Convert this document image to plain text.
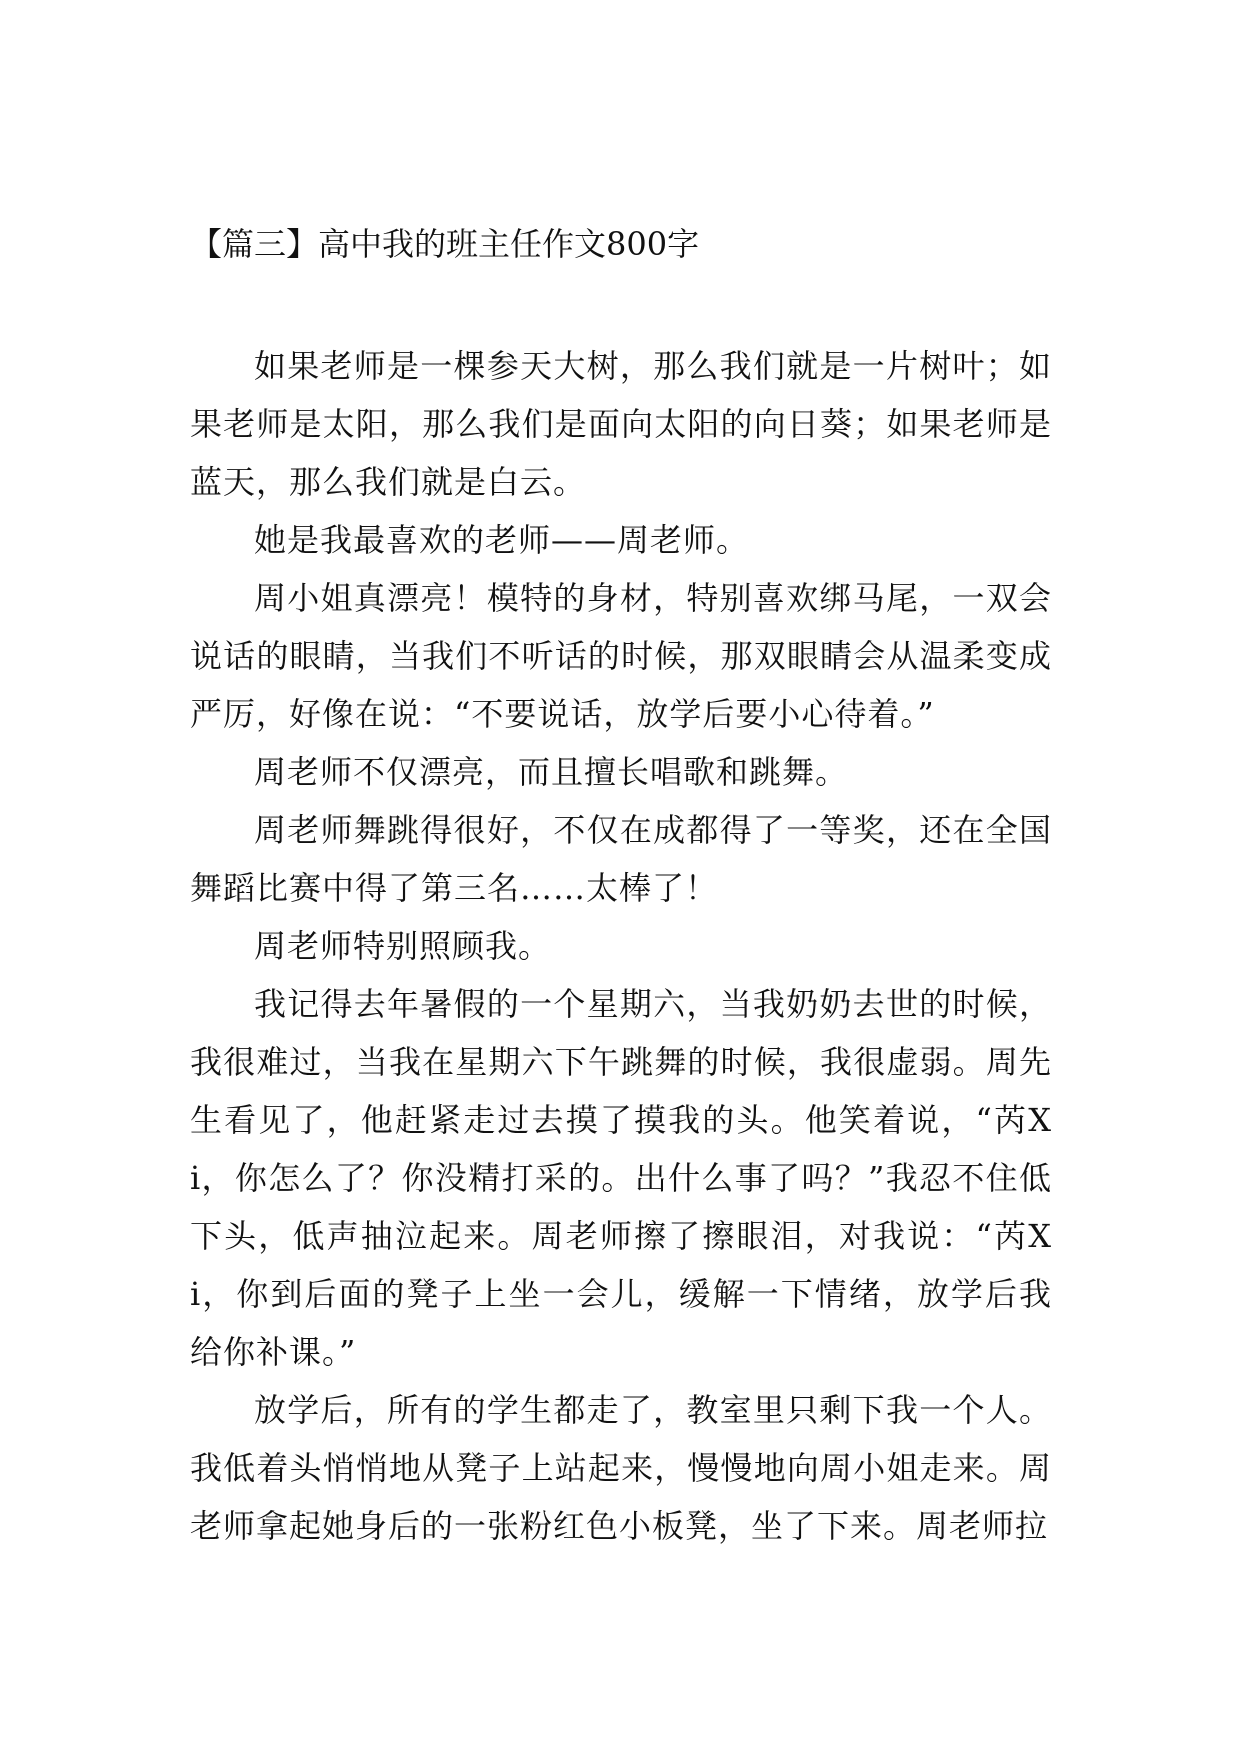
【篇三】高中我的班主任作文800字

如果老师是一棵参天大树，那么我们就是一片树叶；如果老师是太阳，那么我们是面向太阳的向日葵；如果老师是蓝天，那么我们就是白云。

她是我最喜欢的老师——周老师。

周小姐真漂亮！模特的身材，特别喜欢绑马尾，一双会说话的眼睛，当我们不听话的时候，那双眼睛会从温柔变成严厉，好像在说：“不要说话，放学后要小心待着。”

周老师不仅漂亮，而且擅长唱歌和跳舞。

周老师舞跳得很好，不仅在成都得了一等奖，还在全国舞蹈比赛中得了第三名……太棒了！

周老师特别照顾我。

我记得去年暑假的一个星期六，当我奶奶去世的时候，我很难过，当我在星期六下午跳舞的时候，我很虚弱。周先生看见了，他赶紧走过去摸了摸我的头。他笑着说，“芮Xi，你怎么了？你没精打采的。出什么事了吗？”我忍不住低下头，低声抽泣起来。周老师擦了擦眼泪，对我说：“芮Xi，你到后面的凳子上坐一会儿，缓解一下情绪，放学后我给你补课。”

放学后，所有的学生都走了，教室里只剩下我一个人。我低着头悄悄地从凳子上站起来，慢慢地向周小姐走来。周老师拿起她身后的一张粉红色小板凳，坐了下来。周老师拉
